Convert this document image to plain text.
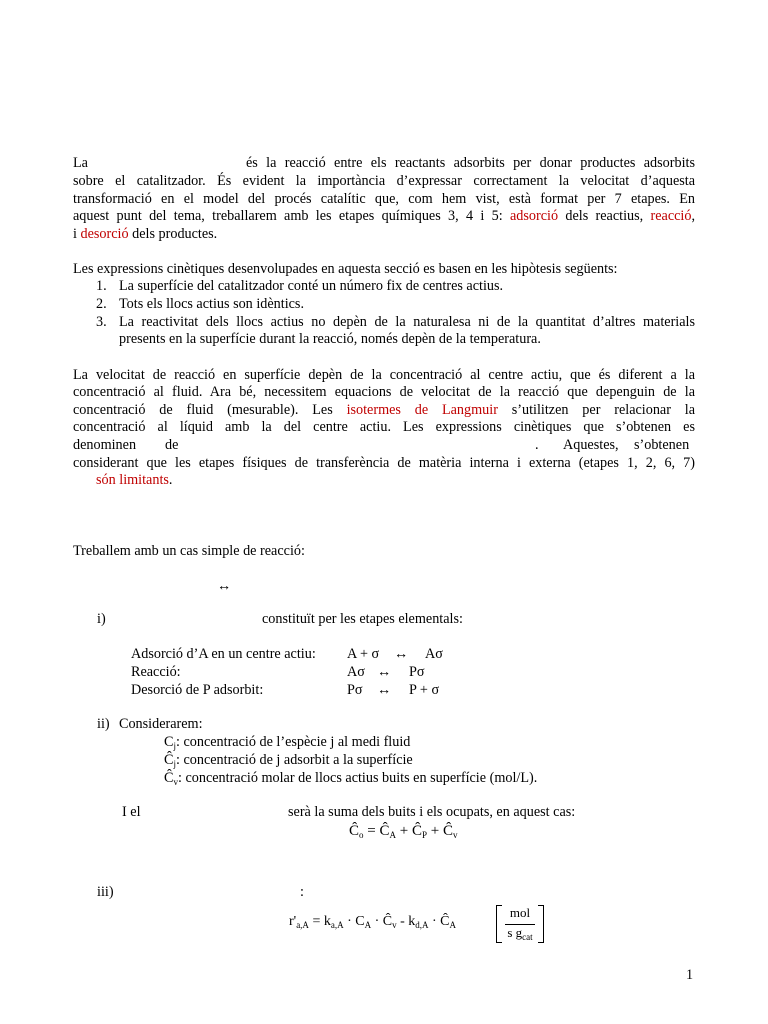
La	és la reacció entre els reactants adsorbits per donar productes adsorbits
sobre el catalitzador. És evident la importància d’expressar correctament la velocitat d’aquesta
transformació en el model del procés catalític que, com hem vist, està format per 7 etapes. En
aquest punt del tema, treballarem amb les etapes químiques 3, 4 i 5: adsorció dels reactius, reacció,
i desorció dels productes.
Les expressions cinètiques desenvolupades en aquesta secció es basen en les hipòtesis següents:
1. La superfície del catalitzador conté un número fix de centres actius.
2. Tots els llocs actius son idèntics.
3. La reactivitat dels llocs actius no depèn de la naturalesa ni de la quantitat d’altres materials
presents en la superfície durant la reacció, només depèn de la temperatura.
La velocitat de reacció en superfície depèn de la concentració al centre actiu, que és diferent a la
concentració al fluid. Ara bé, necessitem equacions de velocitat de la reacció que depenguin de la
concentració de fluid (mesurable). Les isotermes de Langmuir s’utilitzen per relacionar la
concentració al líquid amb la del centre actiu. Les expressions cinètiques que s’obtenen es
denominen de	. Aquestes, s’obtenen
considerant que les etapes físiques de transferència de matèria interna i externa (etapes 1, 2, 6, 7)
són limitants.
Treballem amb un cas simple de reacció:
↔
i)	constituït per les etapes elementals:
Adsorció d’A en un centre actiu: A + σ ↔ Aσ
Reacció:	Aσ ↔ Pσ
Desorció de P adsorbit:	Pσ ↔ P + σ
ii) Considerarem:
$C_j$: concentració de l’espècie j al medi fluid
$Ĉ_j$: concentració de j adsorbit a la superfície
$Ĉ_v$: concentració molar de llocs actius buits en superfície (mol/L).
I el	serà la suma dels buits i els ocupats, en aquest cas:
$Ĉ_o$ = $Ĉ_A$ + $Ĉ_P$ + $Ĉ_v$
iii)	:
$r'_{a,A} = k_{a,A} \cdot C_A$ · $Ĉ_v - k_{d,A}$ · $Ĉ_A$
mol
s $g_{cat}$
1
